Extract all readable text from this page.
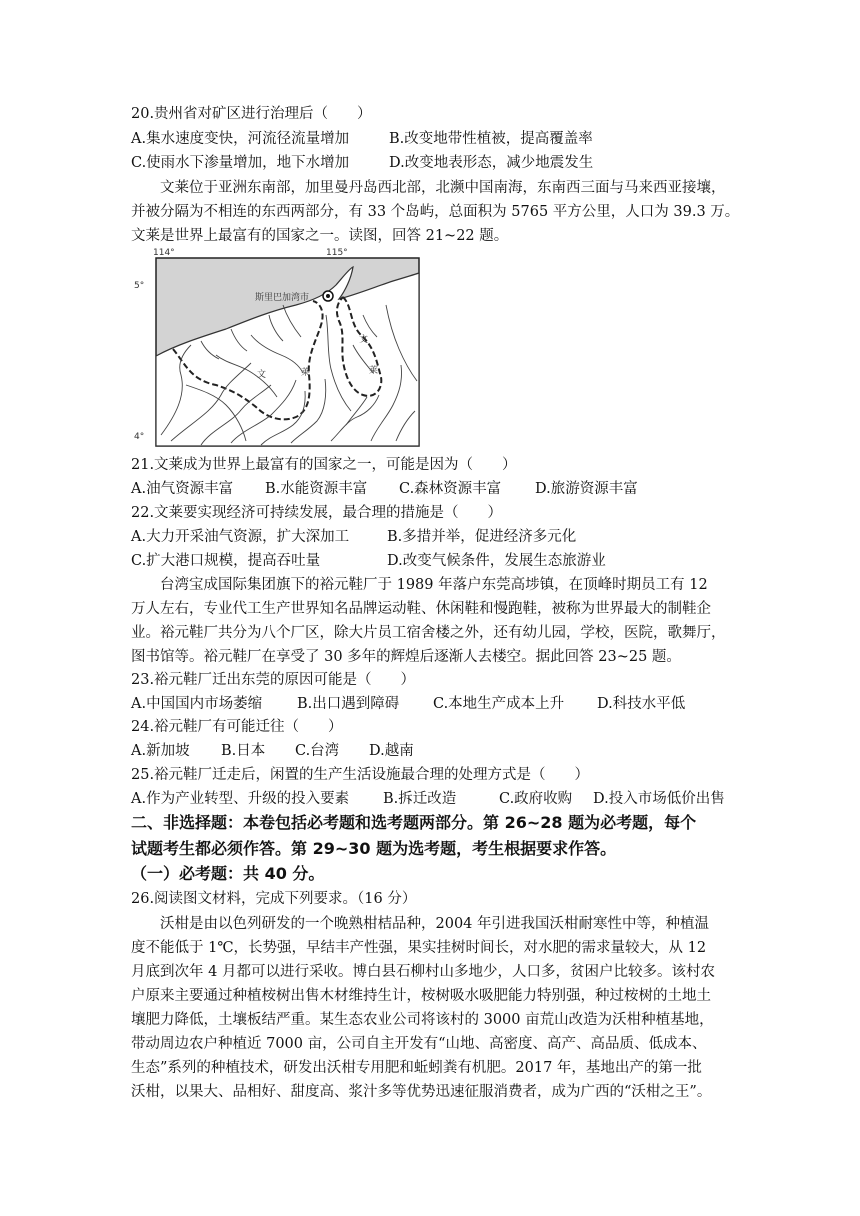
20.贵州省对矿区进行治理后（　　）
A.集水速度变快，河流径流量增加	B.改变地带性植被，提高覆盖率
C.使雨水下渗量增加，地下水增加	D.改变地表形态，减少地震发生
文莱位于亚洲东南部，加里曼丹岛西北部，北濒中国南海，东南西三面与马来西亚接壤，
并被分隔为不相连的东西两部分，有 33 个岛屿，总面积为 5765 平方公里，人口为 39.3 万。
文莱是世界上最富有的国家之一。读图，回答 21~22 题。
114°	115°
5°
4°
斯里巴加湾市
文	莱
文
莱
21.文莱成为世界上最富有的国家之一，可能是因为（　　）
A.油气资源丰富	B.水能资源丰富	C.森林资源丰富	D.旅游资源丰富
22.文莱要实现经济可持续发展，最合理的措施是（　　）
A.大力开采油气资源，扩大深加工	B.多措并举，促进经济多元化
C.扩大港口规模，提高吞吐量	D.改变气候条件，发展生态旅游业
台湾宝成国际集团旗下的裕元鞋厂于 1989 年落户东莞高埗镇，在顶峰时期员工有 12
万人左右，专业代工生产世界知名品牌运动鞋、休闲鞋和慢跑鞋，被称为世界最大的制鞋企
业。裕元鞋厂共分为八个厂区，除大片员工宿舍楼之外，还有幼儿园，学校，医院，歌舞厅，
图书馆等。裕元鞋厂在享受了 30 多年的辉煌后逐渐人去楼空。据此回答 23~25 题。
23.裕元鞋厂迁出东莞的原因可能是（　　）
A.中国国内市场萎缩	B.出口遇到障碍	C.本地生产成本上升	D.科技水平低
24.裕元鞋厂有可能迁往（　　）
A.新加坡	B.日本	C.台湾	D.越南
25.裕元鞋厂迁走后，闲置的生产生活设施最合理的处理方式是（　　）
A.作为产业转型、升级的投入要素	B.拆迁改造	C.政府收购	D.投入市场低价出售
二、非选择题：本卷包括必考题和选考题两部分。第 26~28 题为必考题，每个
试题考生都必须作答。第 29~30 题为选考题，考生根据要求作答。
（一）必考题：共 40 分。
26.阅读图文材料，完成下列要求。（16 分）
沃柑是由以色列研发的一个晚熟柑桔品种，2004 年引进我国沃柑耐寒性中等，种植温
度不能低于 1℃，长势强，早结丰产性强，果实挂树时间长，对水肥的需求量较大，从 12
月底到次年 4 月都可以进行采收。博白县石柳村山多地少，人口多，贫困户比较多。该村农
户原来主要通过种植桉树出售木材维持生计，桉树吸水吸肥能力特别强，种过桉树的土地土
壤肥力降低，土壤板结严重。某生态农业公司将该村的 3000 亩荒山改造为沃柑种植基地，
带动周边农户种植近 7000 亩，公司自主开发有“山地、高密度、高产、高品质、低成本、
生态”系列的种植技术，研发出沃柑专用肥和蚯蚓粪有机肥。2017 年，基地出产的第一批
沃柑，以果大、品相好、甜度高、浆汁多等优势迅速征服消费者，成为广西的“沃柑之王”。
